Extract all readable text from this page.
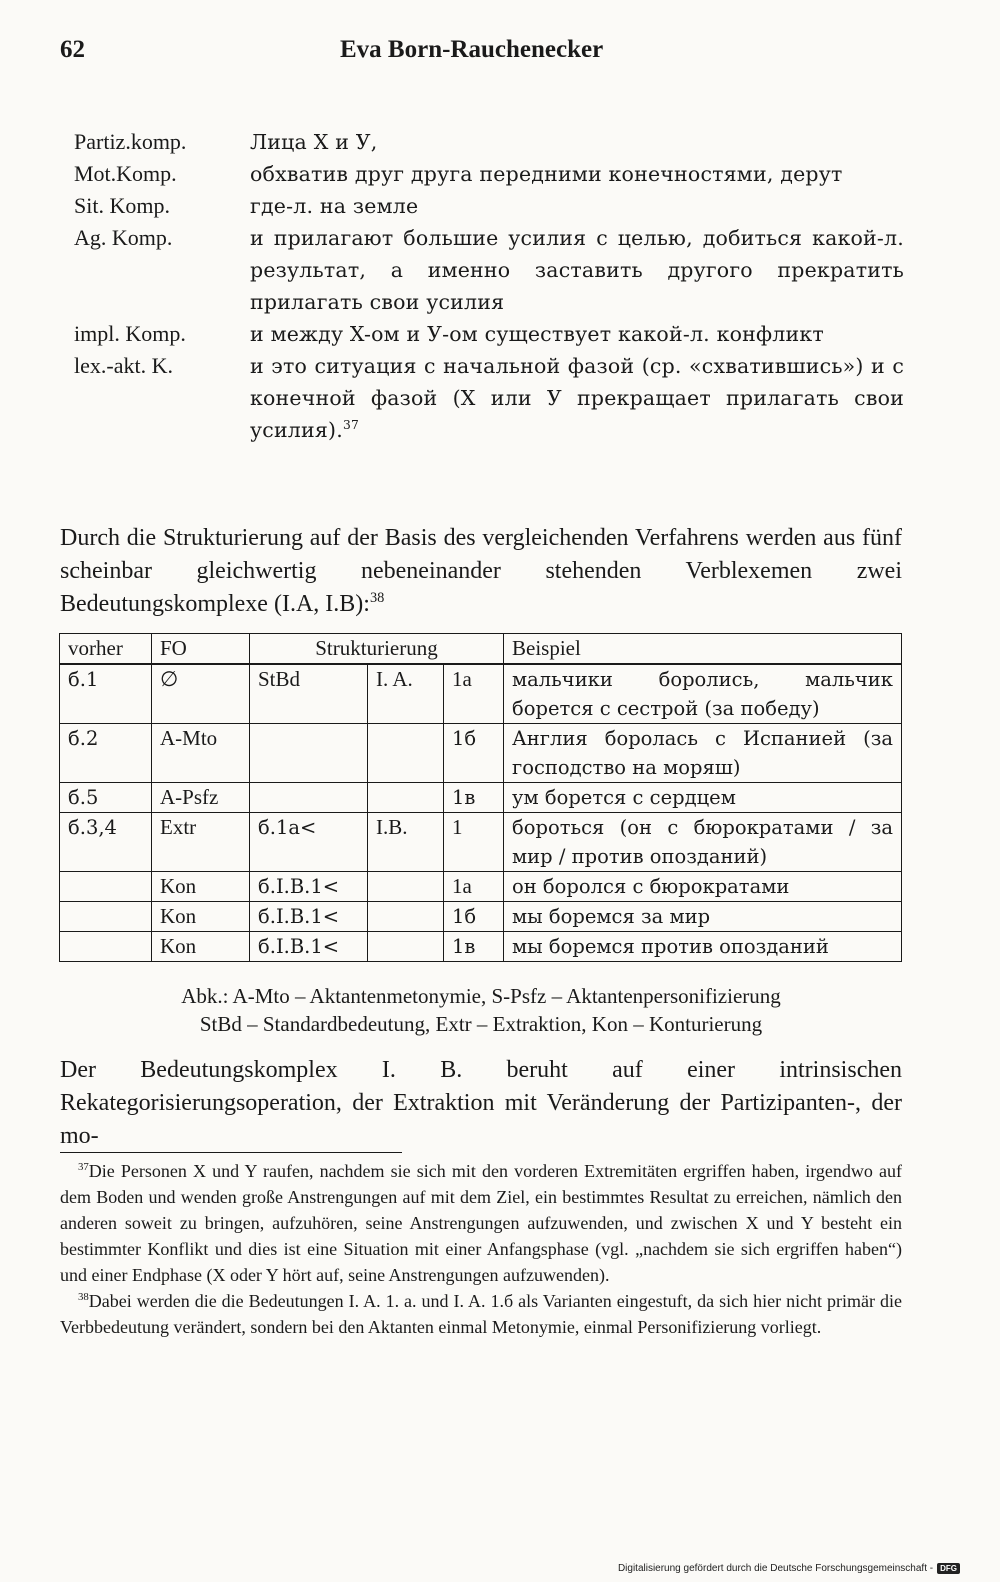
62	Eva Born-Rauchenecker
Partiz.komp.	Лица X и У,
Mot.Komp.	обхватив друг друга передними конечностями, дерут
Sit. Komp.	где-л. на земле
Ag. Komp.	и прилагают большие усилия с целью, добиться какой-л. результат, а именно заставить другого прекратить прилагать свои усилия
impl. Komp.	и между X-ом и У-ом существует какой-л. конфликт
lex.-akt. K.	и это ситуация с начальной фазой (ср. «схватившись») и с конечной фазой (X или У прекращает прилагать свои усилия).$^{37}$

Durch die Strukturierung auf der Basis des vergleichenden Verfahrens werden aus fünf scheinbar gleichwertig nebeneinander stehenden Verblexemen zwei Bedeutungskomplexe (I.A, I.B):$^{38}$

vorher	FO	Strukturierung			Beispiel
б.1	∅	StBd	I. A.	1a	мальчики боролись, мальчик борется с сестрой (за победу)
б.2	A-Mto			1б	Англия боролась с Испанией (за господство на моряш)
б.5	A-Psfz			1в	ум борется с сердцем
б.3,4	Extr	б.1a<	I.B.	1	бороться (он с бюрократами / за мир / против опозданий)
	Kon	б.I.B.1<		1a	он боролся с бюрократами
	Kon	б.I.B.1<		1б	мы боремся за мир
	Kon	б.I.B.1<		1в	мы боремся против опозданий
Abk.: A-Mto – Aktantenmetonymie, S-Psfz – Aktantenpersonifizierung
StBd – Standardbedeutung, Extr – Extraktion, Kon – Konturierung

Der Bedeutungskomplex I. B. beruht auf einer intrinsischen Rekategorisierungsoperation, der Extraktion mit Veränderung der Partizipanten-, der mo-

$^{37}$Die Personen X und Y raufen, nachdem sie sich mit den vorderen Extremitäten ergriffen haben, irgendwo auf dem Boden und wenden große Anstrengungen auf mit dem Ziel, ein bestimmtes Resultat zu erreichen, nämlich den anderen soweit zu bringen, aufzuhören, seine Anstrengungen aufzuwenden, und zwischen X und Y besteht ein bestimmter Konflikt und dies ist eine Situation mit einer Anfangsphase (vgl. „nachdem sie sich ergriffen haben“) und einer Endphase (X oder Y hört auf, seine Anstrengungen aufzuwenden).

$^{38}$Dabei werden die die Bedeutungen I. A. 1. a. und I. A. 1.б als Varianten eingestuft, da sich hier nicht primär die Verbbedeutung verändert, sondern bei den Aktanten einmal Metonymie, einmal Personifizierung vorliegt.

Digitalisierung gefördert durch die Deutsche Forschungsgemeinschaft - DFG
